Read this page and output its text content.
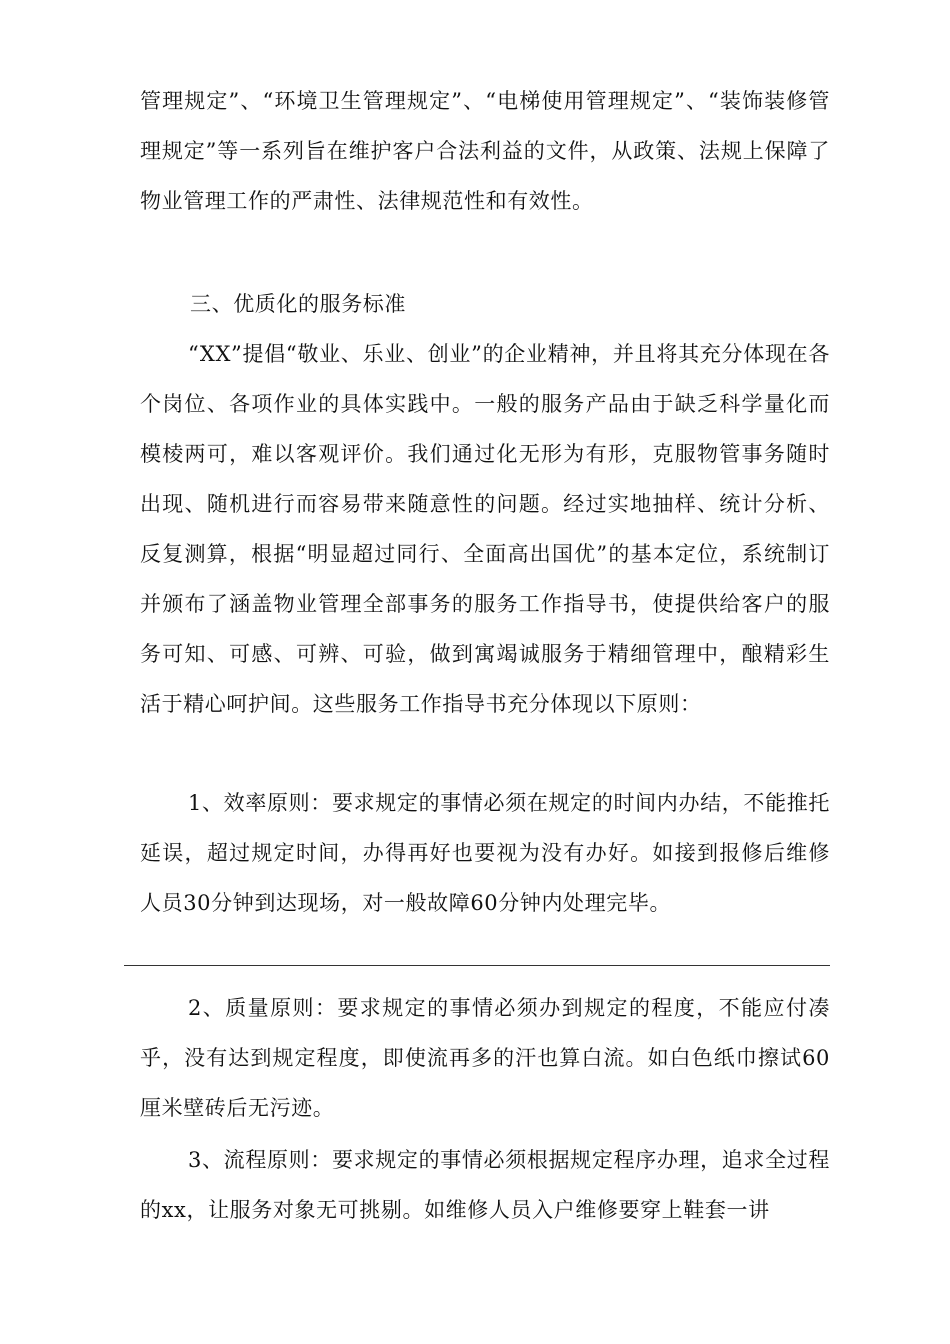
管理规定”、“环境卫生管理规定”、“电梯使用管理规定”、“装饰装修管理规定”等一系列旨在维护客户合法利益的文件，从政策、法规上保障了物业管理工作的严肃性、法律规范性和有效性。

三、优质化的服务标准

“XX”提倡“敬业、乐业、创业”的企业精神，并且将其充分体现在各个岗位、各项作业的具体实践中。一般的服务产品由于缺乏科学量化而模棱两可，难以客观评价。我们通过化无形为有形，克服物管事务随时出现、随机进行而容易带来随意性的问题。经过实地抽样、统计分析、反复测算，根据“明显超过同行、全面高出国优”的基本定位，系统制订并颁布了涵盖物业管理全部事务的服务工作指导书，使提供给客户的服务可知、可感、可辨、可验，做到寓竭诚服务于精细管理中，酿精彩生活于精心呵护间。这些服务工作指导书充分体现以下原则：

1、效率原则：要求规定的事情必须在规定的时间内办结，不能推托延误，超过规定时间，办得再好也要视为没有办好。如接到报修后维修人员30分钟到达现场，对一般故障60分钟内处理完毕。

2、质量原则：要求规定的事情必须办到规定的程度，不能应付凑乎，没有达到规定程度，即使流再多的汗也算白流。如白色纸巾擦试60厘米壁砖后无污迹。

3、流程原则：要求规定的事情必须根据规定程序办理，追求全过程的xx，让服务对象无可挑剔。如维修人员入户维修要穿上鞋套一讲
